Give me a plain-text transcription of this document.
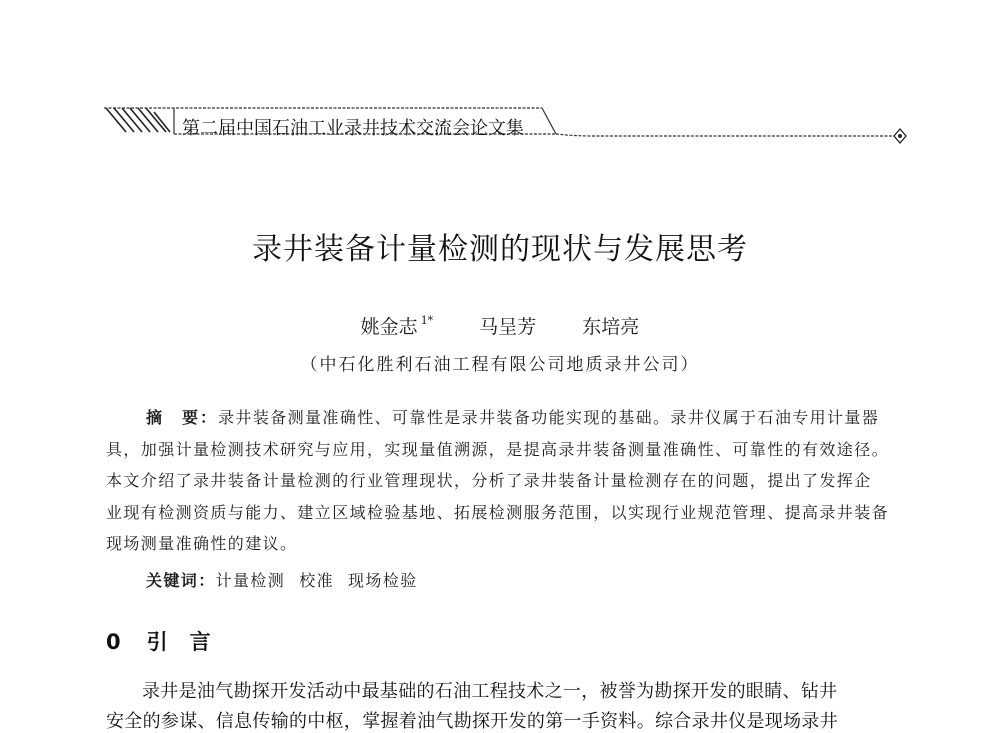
第二届中国石油工业录井技术交流会论文集
录井装备计量检测的现状与发展思考
姚金志 $^{1*}$ 马呈芳 东培亮
（中石化胜利石油工程有限公司地质录井公司）
摘　要：录井装备测量准确性、可靠性是录井装备功能实现的基础。录井仪属于石油专用计量器
具，加强计量检测技术研究与应用，实现量值溯源，是提高录井装备测量准确性、可靠性的有效途径。
本文介绍了录井装备计量检测的行业管理现状，分析了录井装备计量检测存在的问题，提出了发挥企
业现有检测资质与能力、建立区域检验基地、拓展检测服务范围，以实现行业规范管理、提高录井装备
现场测量准确性的建议。
关键词：计量检测 校准 现场检验
0 引言
录井是油气勘探开发活动中最基础的石油工程技术之一，被誉为勘探开发的眼睛、钻井
安全的参谋、信息传输的中枢，掌握着油气勘探开发的第一手资料。综合录井仪是现场录井
